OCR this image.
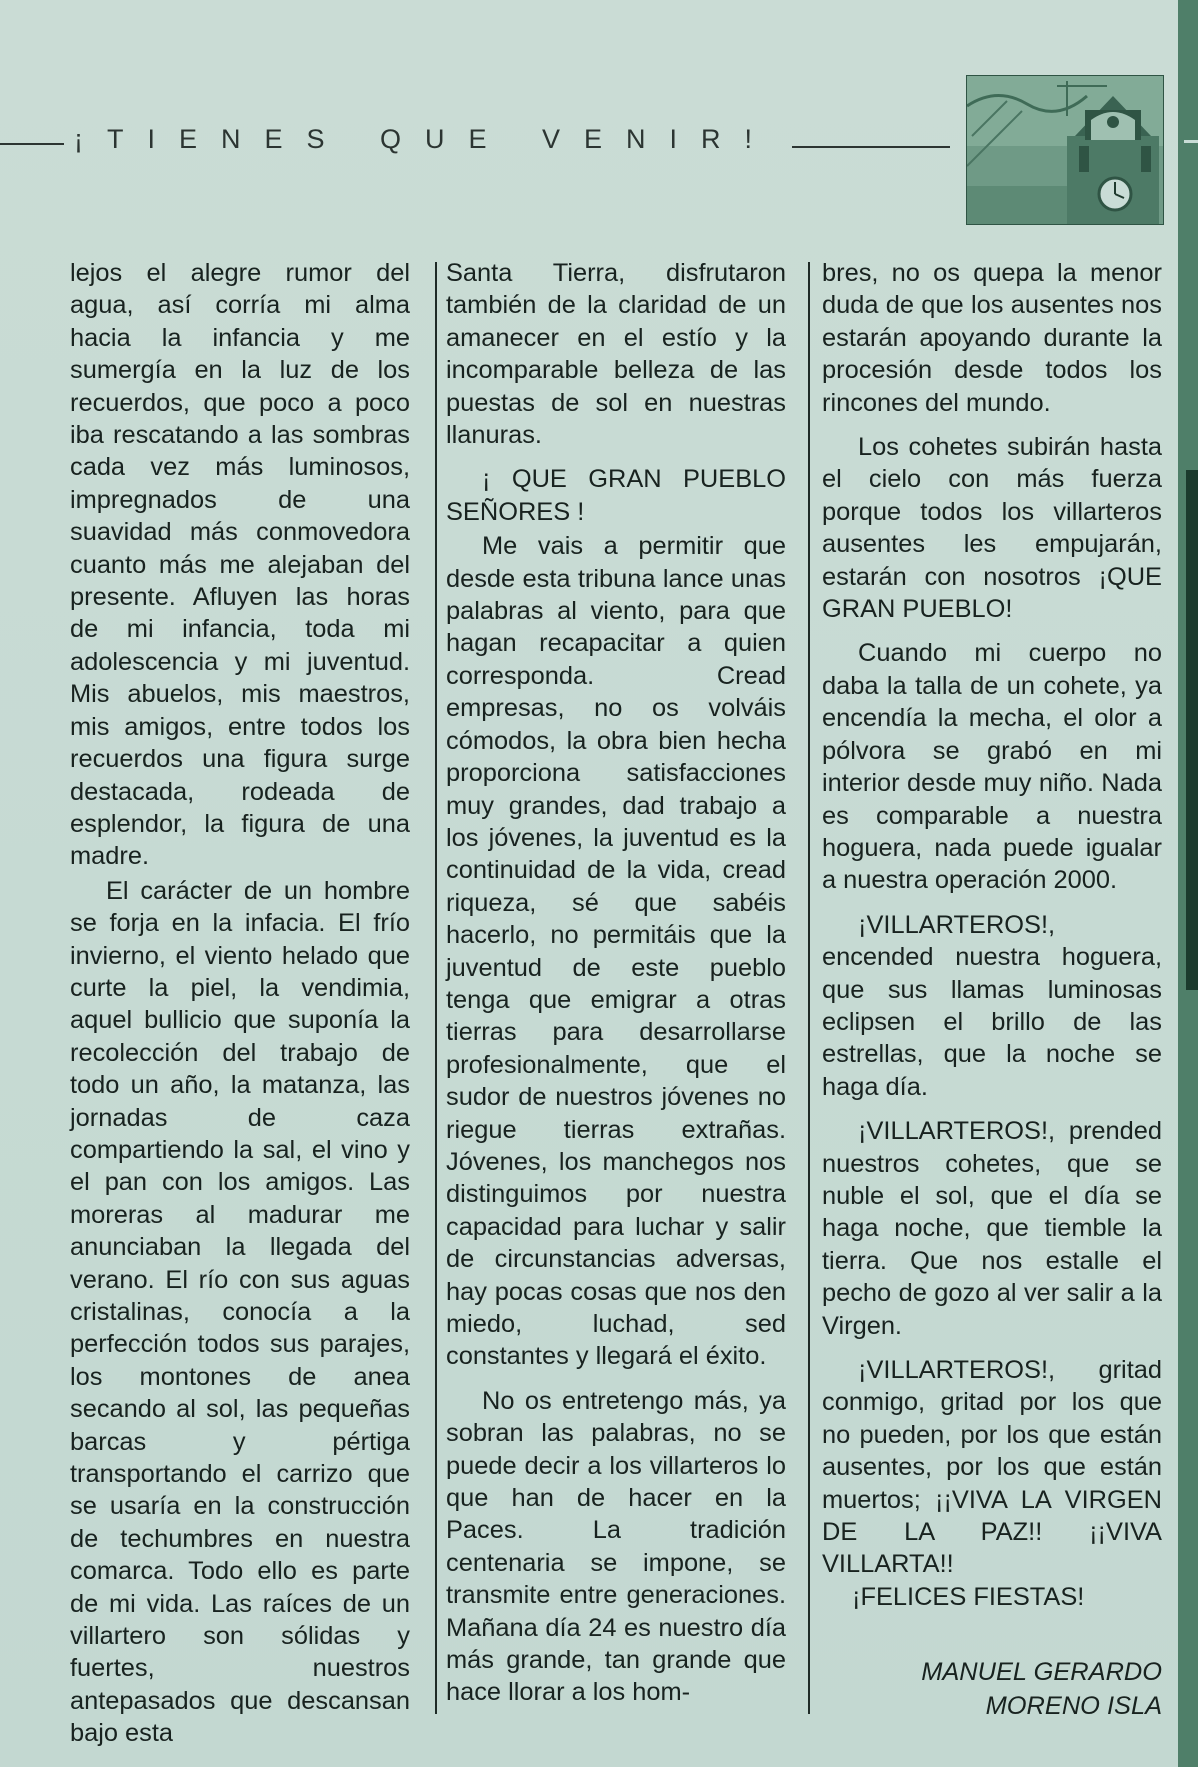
¡TIENES QUE VENIR!

lejos el alegre rumor del agua, así corría mi alma hacia la infancia y me sumergía en la luz de los recuerdos, que poco a poco iba rescatando a las sombras cada vez más luminosos, impregnados de una suavidad más conmovedora cuanto más me alejaban del presente. Afluyen las horas de mi infancia, toda mi adolescencia y mi juventud. Mis abuelos, mis maestros, mis amigos, entre todos los recuerdos una figura surge destacada, rodeada de esplendor, la figura de una madre.

El carácter de un hombre se forja en la infacia. El frío invierno, el viento helado que curte la piel, la vendimia, aquel bullicio que suponía la recolección del trabajo de todo un año, la matanza, las jornadas de caza compartiendo la sal, el vino y el pan con los amigos. Las moreras al madurar me anunciaban la llegada del verano. El río con sus aguas cristalinas, conocía a la perfección todos sus parajes, los montones de anea secando al sol, las pequeñas barcas y pértiga transportando el carrizo que se usaría en la construcción de techumbres en nuestra comarca. Todo ello es parte de mi vida. Las raíces de un villartero son sólidas y fuertes, nuestros antepasados que descansan bajo esta

Santa Tierra, disfrutaron también de la claridad de un amanecer en el estío y la incomparable belleza de las puestas de sol en nuestras llanuras.

¡ QUE GRAN PUEBLO SEÑORES !

Me vais a permitir que desde esta tribuna lance unas palabras al viento, para que hagan recapacitar a quien corresponda. Cread empresas, no os volváis cómodos, la obra bien hecha proporciona satisfacciones muy grandes, dad trabajo a los jóvenes, la juventud es la continuidad de la vida, cread riqueza, sé que sabéis hacerlo, no permitáis que la juventud de este pueblo tenga que emigrar a otras tierras para desarrollarse profesionalmente, que el sudor de nuestros jóvenes no riegue tierras extrañas. Jóvenes, los manchegos nos distinguimos por nuestra capacidad para luchar y salir de circunstancias adversas, hay pocas cosas que nos den miedo, luchad, sed constantes y llegará el éxito.

No os entretengo más, ya sobran las palabras, no se puede decir a los villarteros lo que han de hacer en la Paces. La tradición centenaria se impone, se transmite entre generaciones. Mañana día 24 es nuestro día más grande, tan grande que hace llorar a los hom-

bres, no os quepa la menor duda de que los ausentes nos estarán apoyando durante la procesión desde todos los rincones del mundo.

Los cohetes subirán hasta el cielo con más fuerza porque todos los villarteros ausentes les empujarán, estarán con nosotros ¡QUE GRAN PUEBLO!

Cuando mi cuerpo no daba la talla de un cohete, ya encendía la mecha, el olor a pólvora se grabó en mi interior desde muy niño. Nada es comparable a nuestra hoguera, nada puede igualar a nuestra operación 2000.

¡VILLARTEROS!, encended nuestra hoguera, que sus llamas luminosas eclipsen el brillo de las estrellas, que la noche se haga día.

¡VILLARTEROS!, prended nuestros cohetes, que se nuble el sol, que el día se haga noche, que tiemble la tierra. Que nos estalle el pecho de gozo al ver salir a la Virgen.

¡VILLARTEROS!, gritad conmigo, gritad por los que no pueden, por los que están ausentes, por los que están muertos; ¡¡VIVA LA VIRGEN DE LA PAZ!! ¡¡VIVA VILLARTA!!

¡FELICES FIESTAS!

MANUEL GERARDO
MORENO ISLA
